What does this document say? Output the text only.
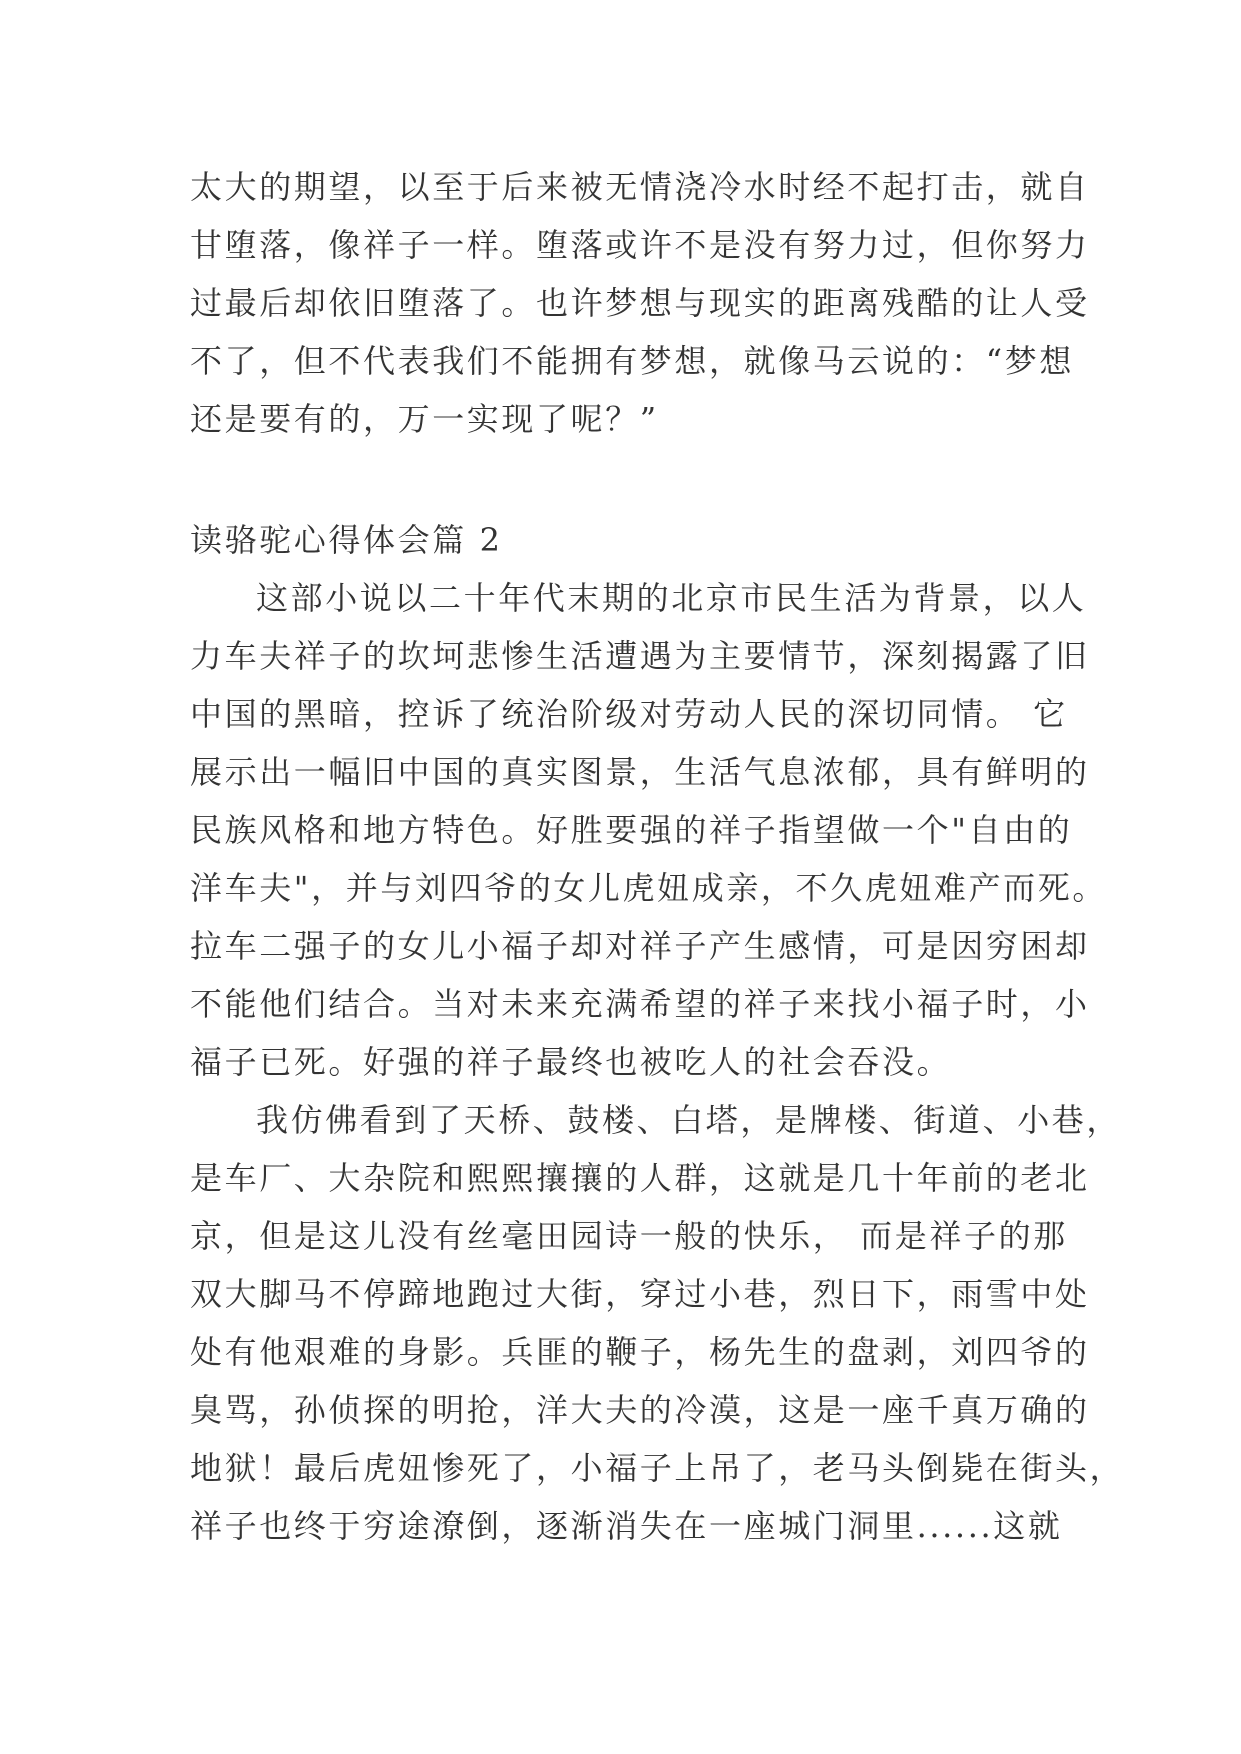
太大的期望，以至于后来被无情浇冷水时经不起打击，就自
甘堕落，像祥子一样。堕落或许不是没有努力过，但你努力
过最后却依旧堕落了。也许梦想与现实的距离残酷的让人受
不了，但不代表我们不能拥有梦想，就像马云说的：“梦想
还是要有的，万一实现了呢？”
读骆驼心得体会篇 2
这部小说以二十年代末期的北京市民生活为背景，以人
力车夫祥子的坎坷悲惨生活遭遇为主要情节，深刻揭露了旧
中国的黑暗，控诉了统治阶级对劳动人民的深切同情。 它
展示出一幅旧中国的真实图景，生活气息浓郁，具有鲜明的
民族风格和地方特色。好胜要强的祥子指望做一个"自由的
洋车夫"，并与刘四爷的女儿虎妞成亲，不久虎妞难产而死。
拉车二强子的女儿小福子却对祥子产生感情，可是因穷困却
不能他们结合。当对未来充满希望的祥子来找小福子时，小
福子已死。好强的祥子最终也被吃人的社会吞没。
我仿佛看到了天桥、鼓楼、白塔，是牌楼、街道、小巷，
是车厂、大杂院和熙熙攘攘的人群，这就是几十年前的老北
京，但是这儿没有丝毫田园诗一般的快乐， 而是祥子的那
双大脚马不停蹄地跑过大街，穿过小巷，烈日下，雨雪中处
处有他艰难的身影。兵匪的鞭子，杨先生的盘剥，刘四爷的
臭骂，孙侦探的明抢，洋大夫的冷漠，这是一座千真万确的
地狱！最后虎妞惨死了，小福子上吊了，老马头倒毙在街头，
祥子也终于穷途潦倒，逐渐消失在一座城门洞里......这就
